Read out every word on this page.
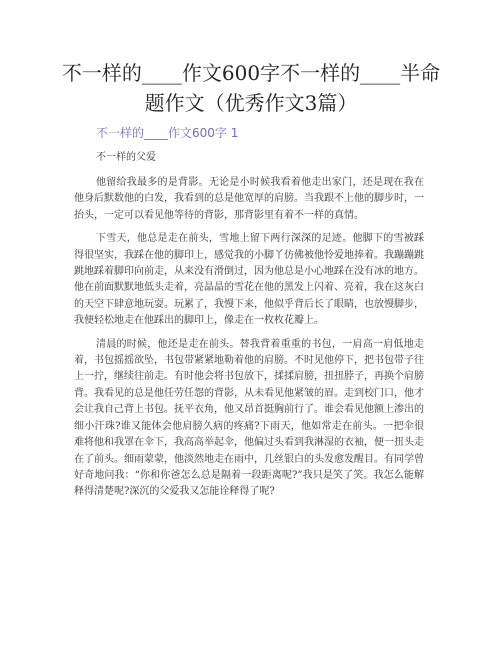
不一样的____作文600字不一样的____半命题作文（优秀作文3篇）
不一样的____作文600字 1

不一样的父爱

他留给我最多的是背影。无论是小时候我看着他走出家门，还是现在我在他身后默数他的白发，我看到的总是他宽厚的肩膀。当我跟不上他的脚步时，一抬头，一定可以看见他等待的背影，那背影里有着不一样的真情。

下雪天，他总是走在前头，雪地上留下两行深深的足迹。他脚下的雪被踩得很坚实，我踩在他的脚印上，感觉我的小脚丫仿佛被他怜爱地捧着。我蹦蹦跳跳地踩着脚印向前走，从来没有滑倒过，因为他总是小心地踩在没有冰的地方。他在前面默默地低头走着，亮晶晶的雪花在他的黑发上闪着、亮着，我在这灰白的天空下肆意地玩耍。玩累了，我慢下来，他似乎背后长了眼睛，也放慢脚步，我便轻松地走在他踩出的脚印上，像走在一枚枚花瓣上。

清晨的时候，他还是走在前头。替我背着重重的书包，一肩高一肩低地走着，书包摇摇欲坠，书包带紧紧地勒着他的肩膀。不时见他停下，把书包带子往上一拧，继续往前走。有时他会将书包放下，揉揉肩膀，扭扭脖子，再换个肩膀背。我看见的总是他任劳任怨的背影，从未看见他紧皱的眉。走到校门口，他才会让我自己背上书包。抚平衣角，他又昂首挺胸前行了。谁会看见他额上渗出的细小汗珠?谁又能体会他肩膀久病的疼痛?下雨天，他如常走在前头。一把伞很难将他和我罩在伞下，我高高举起伞，他偏过头看到我淋湿的衣袖，便一扭头走在了前头。细雨蒙蒙，他淡然地走在雨中，几丝银白的头发愈发醒目。有同学曾好奇地问我：“你和你爸怎么总是隔着一段距离呢?”我只是笑了笑。我怎么能解释得清楚呢?深沉的父爱我又怎能诠释得了呢?
